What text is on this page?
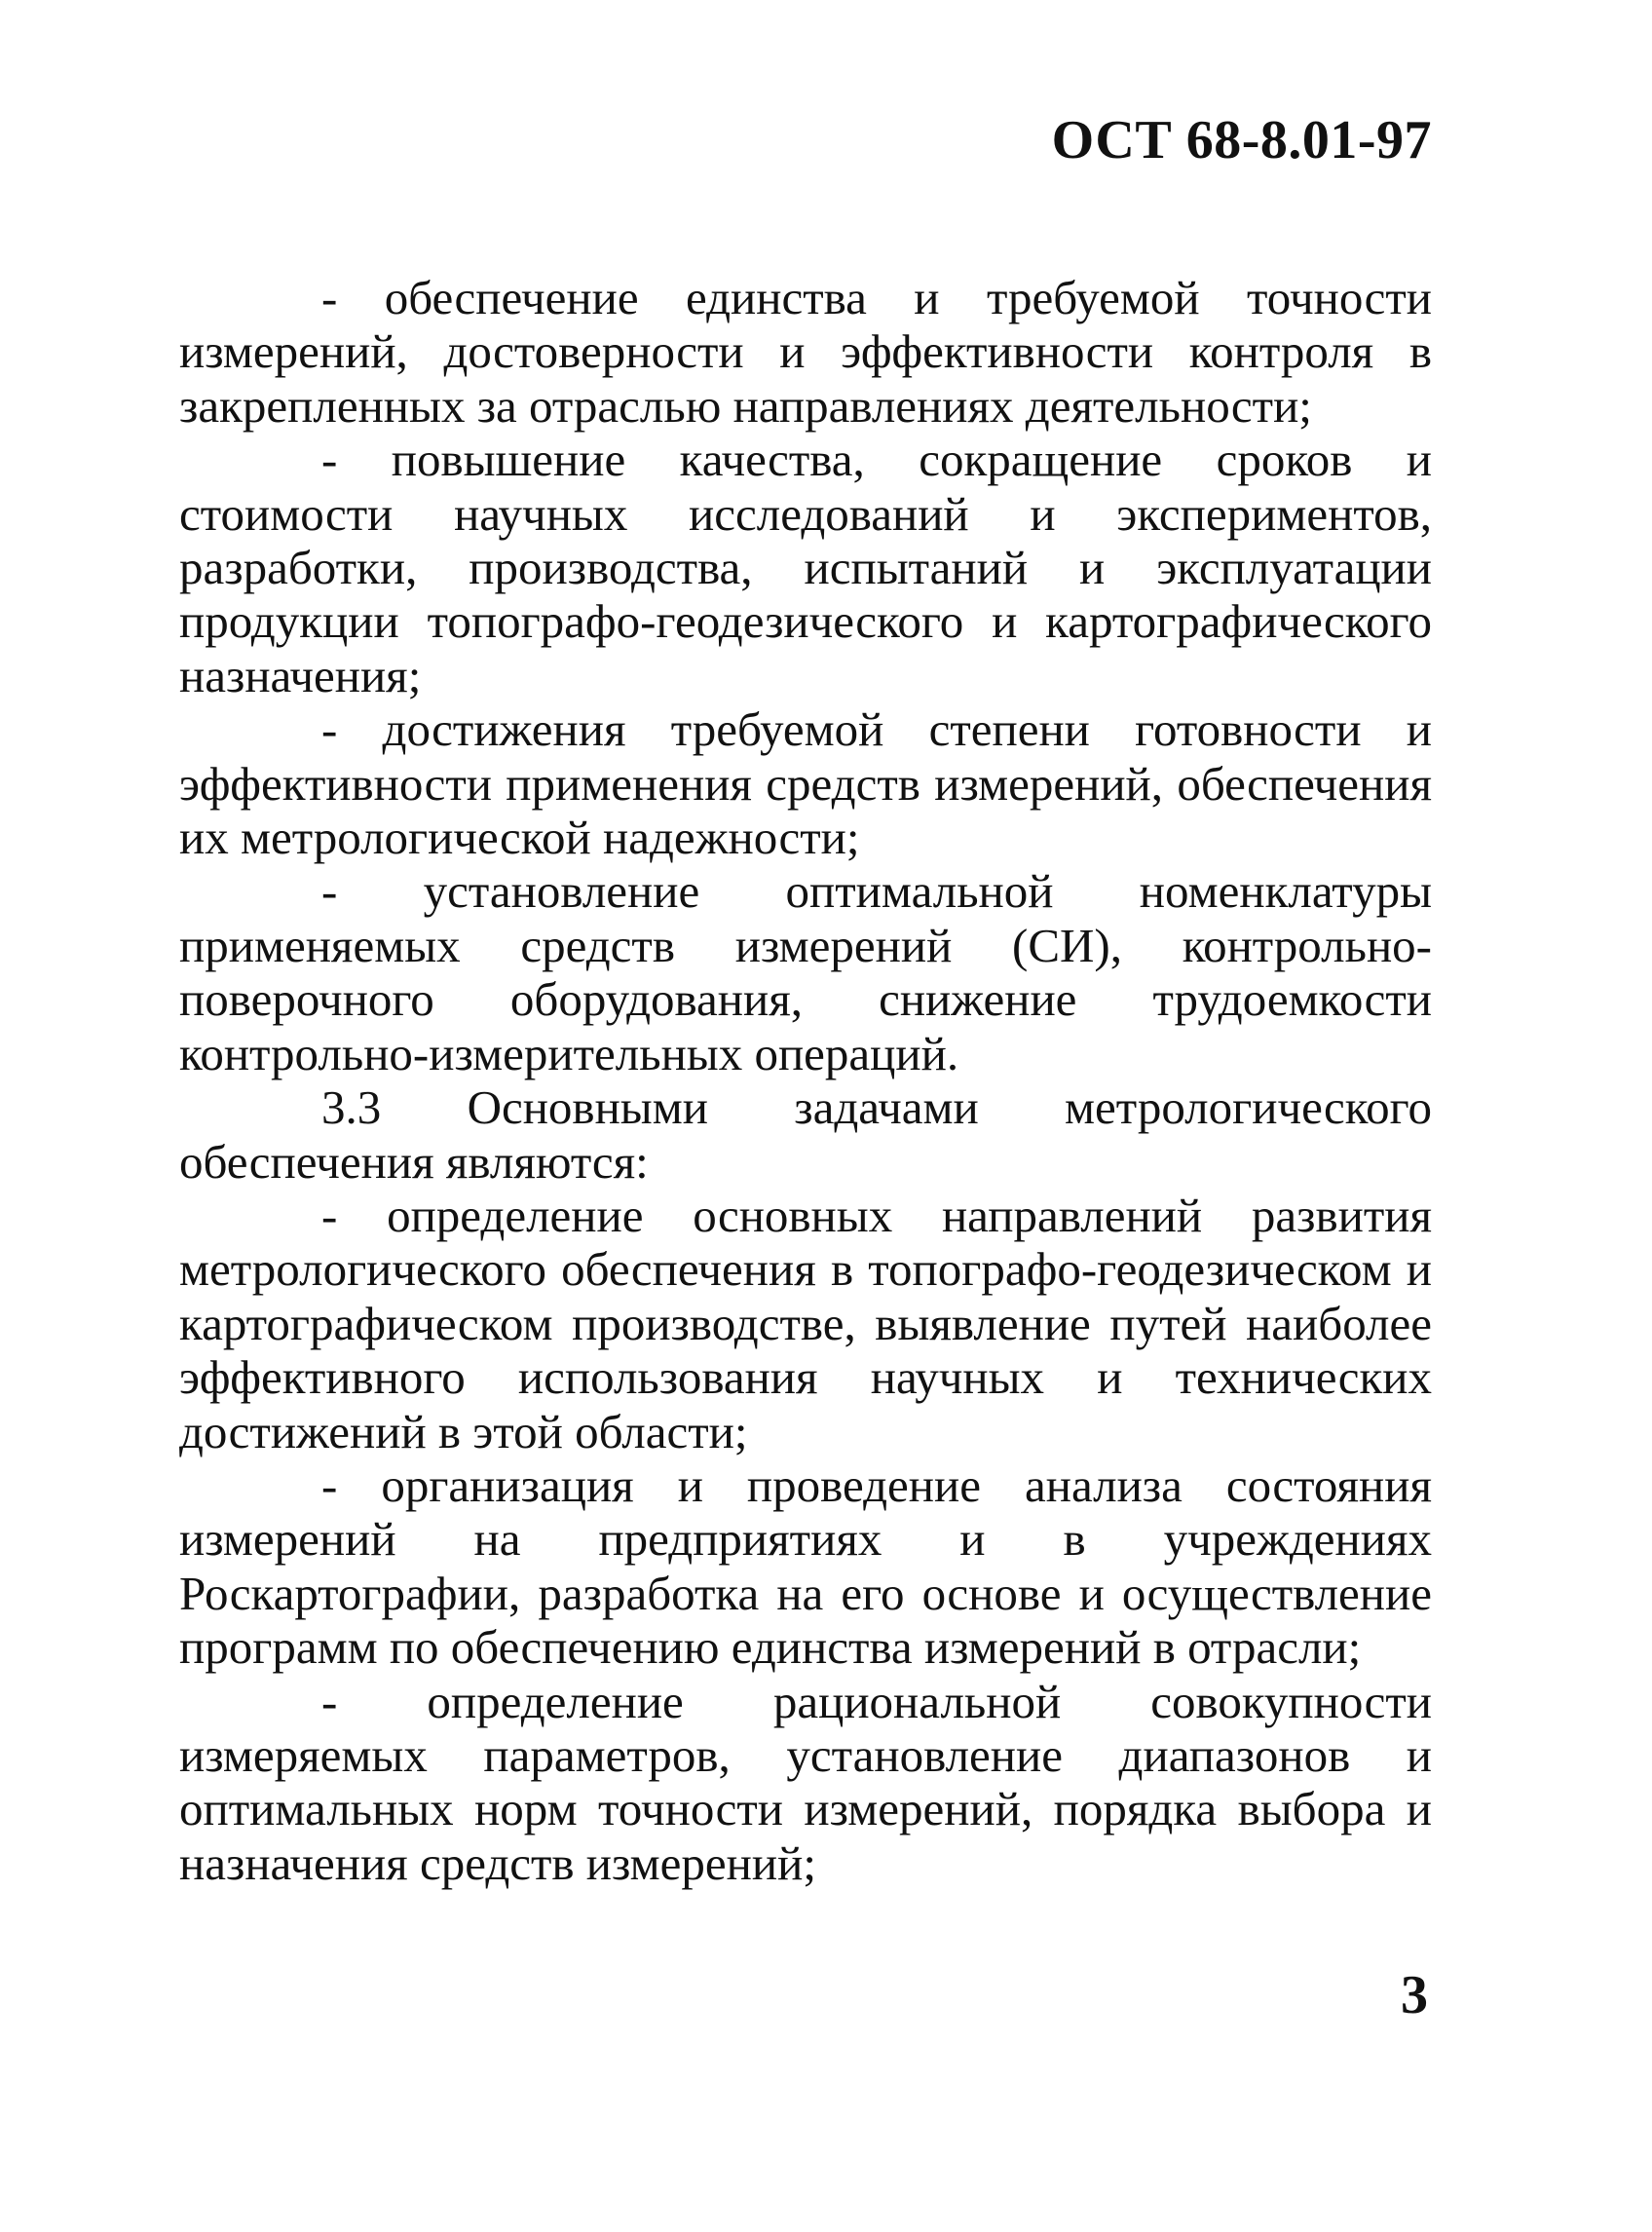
ОСТ 68-8.01-97

- обеспечение единства и требуемой точности измерений, достоверности и эффективности контроля в закрепленных за отраслью направлениях деятельности;

- повышение качества, сокращение сроков и стоимости научных исследований и экспериментов, разработки, производства, испытаний и эксплуатации продукции топографо-геодезического и картографического назначения;

- достижения требуемой степени готовности и эффективности применения средств измерений, обеспечения их метрологической надежности;

- установление оптимальной номенклатуры применяемых средств измерений (СИ), контрольно-поверочного оборудования, снижение трудоемкости контрольно-измерительных операций.

3.3 Основными задачами метрологического обеспечения являются:

- определение основных направлений развития метрологического обеспечения в топографо-геодезическом и картографическом производстве, выявление путей наиболее эффективного использования научных и технических достижений в этой области;

- организация и проведение анализа состояния измерений на предприятиях и в учреждениях Роскартографии, разработка на его основе и осуществление программ по обеспечению единства измерений в отрасли;

- определение рациональной совокупности измеряемых параметров, установление диапазонов и оптимальных норм точности измерений, порядка выбора и назначения средств измерений;

3
